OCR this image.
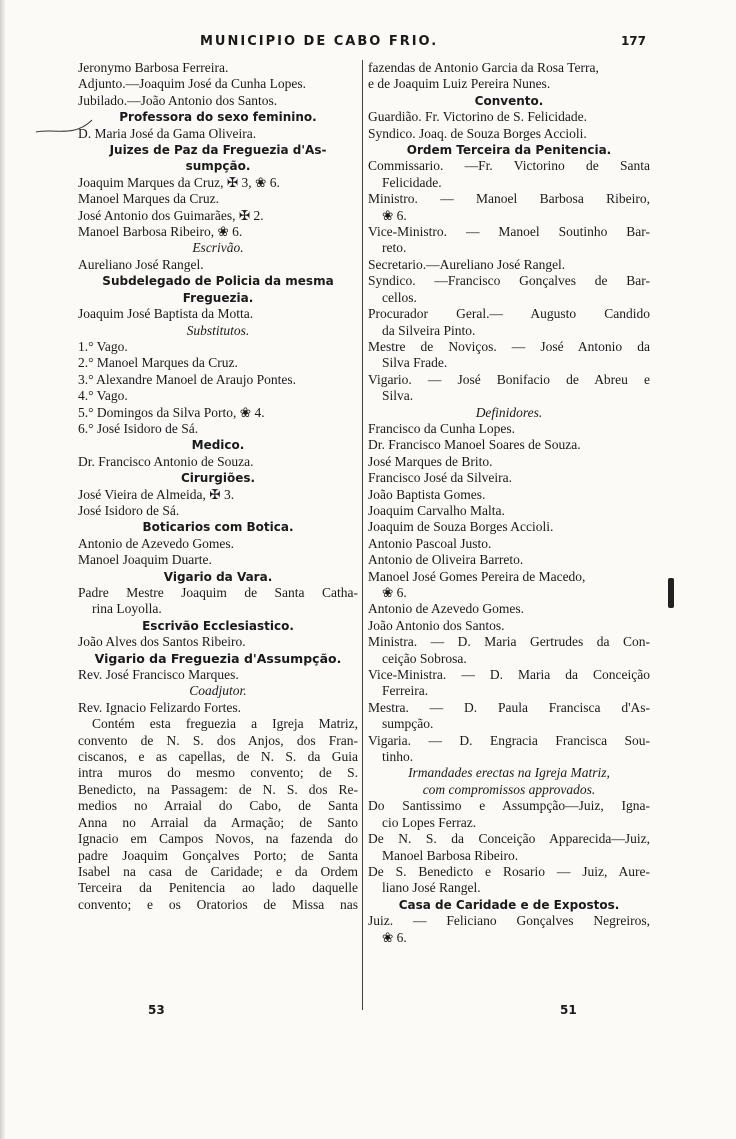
MUNICIPIO DE CABO FRIO.	177
Jeronymo Barbosa Ferreira.
Adjunto.—Joaquim José da Cunha Lopes.
Jubilado.—João Antonio dos Santos.
Professora do sexo feminino.
D. Maria José da Gama Oliveira.
Juizes de Paz da Freguezia d'As-
sumpção.
Joaquim Marques da Cruz, ✠ 3, ❀ 6.
Manoel Marques da Cruz.
José Antonio dos Guimarães, ✠ 2.
Manoel Barbosa Ribeiro, ❀ 6.
Escrivão.
Aureliano José Rangel.
Subdelegado de Policia da mesma
Freguezia.
Joaquim José Baptista da Motta.
Substitutos.
1.° Vago.
2.° Manoel Marques da Cruz.
3.° Alexandre Manoel de Araujo Pontes.
4.° Vago.
5.° Domingos da Silva Porto, ❀ 4.
6.° José Isidoro de Sá.
Medico.
Dr. Francisco Antonio de Souza.
Cirurgiões.
José Vieira de Almeida, ✠ 3.
José Isidoro de Sá.
Boticarios com Botica.
Antonio de Azevedo Gomes.
Manoel Joaquim Duarte.
Vigario da Vara.
Padre Mestre Joaquim de Santa Catha-
rina Loyolla.
Escrivão Ecclesiastico.
João Alves dos Santos Ribeiro.
Vigario da Freguezia d'Assumpção.
Rev. José Francisco Marques.
Coadjutor.
Rev. Ignacio Felizardo Fortes.
Contém esta freguezia a Igreja Matriz,
convento de N. S. dos Anjos, dos Fran-
ciscanos, e as capellas, de N. S. da Guia
intra muros do mesmo convento; de S.
Benedicto, na Passagem: de N. S. dos Re-
medios no Arraial do Cabo, de Santa
Anna no Arraial da Armação; de Santo
Ignacio em Campos Novos, na fazenda do
padre Joaquim Gonçalves Porto; de Santa
Isabel na casa de Caridade; e da Ordem
Terceira da Penitencia ao lado daquelle
convento; e os Oratorios de Missa nas
fazendas de Antonio Garcia da Rosa Terra,
e de Joaquim Luiz Pereira Nunes.
Convento.
Guardião. Fr. Victorino de S. Felicidade.
Syndico. Joaq. de Souza Borges Accioli.
Ordem Terceira da Penitencia.
Commissario. —Fr. Victorino de Santa
Felicidade.
Ministro. — Manoel Barbosa Ribeiro,
❀ 6.
Vice-Ministro. — Manoel Soutinho Bar-
reto.
Secretario.—Aureliano José Rangel.
Syndico. —Francisco Gonçalves de Bar-
cellos.
Procurador Geral.— Augusto Candido
da Silveira Pinto.
Mestre de Noviços. — José Antonio da
Silva Frade.
Vigario. — José Bonifacio de Abreu e
Silva.
Definidores.
Francisco da Cunha Lopes.
Dr. Francisco Manoel Soares de Souza.
José Marques de Brito.
Francisco José da Silveira.
João Baptista Gomes.
Joaquim Carvalho Malta.
Joaquim de Souza Borges Accioli.
Antonio Pascoal Justo.
Antonio de Oliveira Barreto.
Manoel José Gomes Pereira de Macedo,
❀ 6.
Antonio de Azevedo Gomes.
João Antonio dos Santos.
Ministra. — D. Maria Gertrudes da Con-
ceição Sobrosa.
Vice-Ministra. — D. Maria da Conceição
Ferreira.
Mestra. — D. Paula Francisca d'As-
sumpção.
Vigaria. — D. Engracia Francisca Sou-
tinho.
Irmandades erectas na Igreja Matriz,
com compromissos approvados.
Do Santissimo e Assumpção—Juiz, Igna-
cio Lopes Ferraz.
De N. S. da Conceição Apparecida—Juiz,
Manoel Barbosa Ribeiro.
De S. Benedicto e Rosario — Juiz, Aure-
liano José Rangel.
Casa de Caridade e de Expostos.
Juiz. — Feliciano Gonçalves Negreiros,
❀ 6.
53	51
